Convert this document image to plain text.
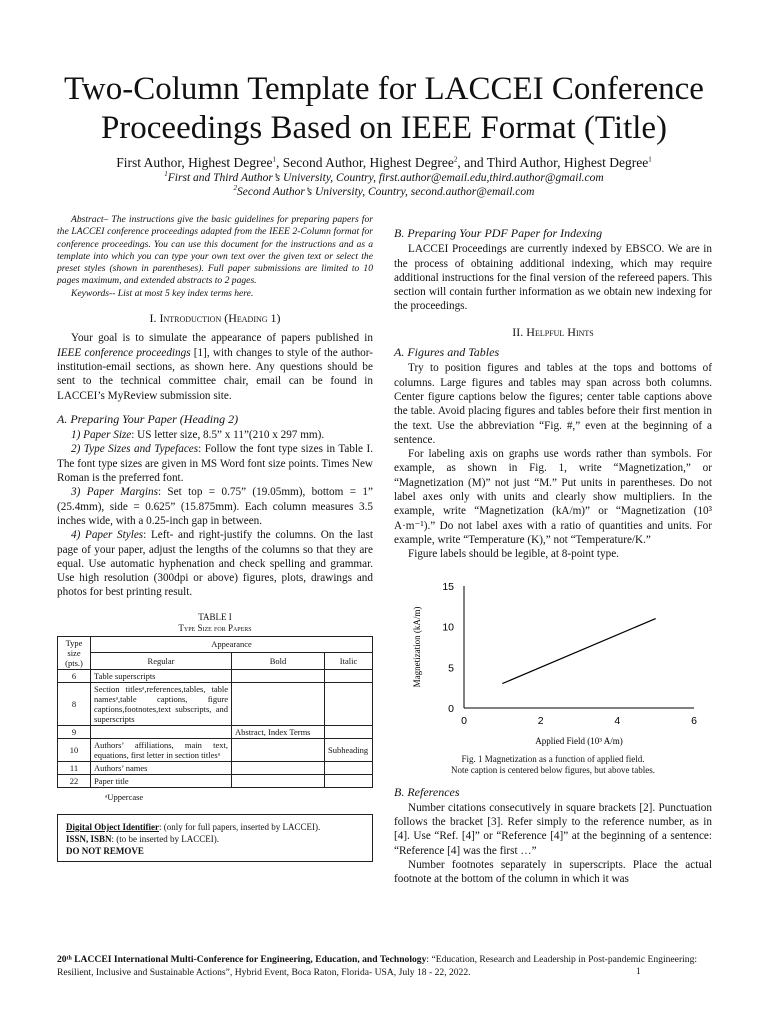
Two-Column Template for LACCEI Conference
Proceedings Based on IEEE Format (Title)
First Author, Highest Degree$^1$, Second Author, Highest Degree$^2$, and Third Author, Highest Degree$^1$
$^1$First and Third Author’s University, Country, first.author@email.edu,third.author@gmail.com
$^2$Second Author’s University, Country, second.author@email.com

Abstract– The instructions give the basic guidelines for preparing papers for the LACCEI conference proceedings adapted from the IEEE 2-Column format for conference proceedings. You can use this document for the instructions and as a template into which you can type your own text over the given text or select the preset styles (shown in parentheses). Full paper submissions are limited to 10 pages maximum, and extended abstracts to 2 pages.

Keywords-- List at most 5 key index terms here.

I. Introduction (Heading 1)

Your goal is to simulate the appearance of papers published in IEEE conference proceedings [1], with changes to style of the author-institution-email sections, as shown here. Any questions should be sent to the technical committee chair, email can be found in LACCEI’s MyReview submission site.

A. Preparing Your Paper (Heading 2)

1) Paper Size: US letter size, 8.5” x 11”(210 x 297 mm).

2) Type Sizes and Typefaces: Follow the font type sizes in Table I. The font type sizes are given in MS Word font size points. Times New Roman is the preferred font.

3) Paper Margins: Set top = 0.75” (19.05mm), bottom = 1” (25.4mm), side = 0.625” (15.875mm). Each column measures 3.5 inches wide, with a 0.25-inch gap in between.

4) Paper Styles: Left- and right-justify the columns. On the last page of your paper, adjust the lengths of the columns so that they are equal. Use automatic hyphenation and check spelling and grammar. Use high resolution (300dpi or above) figures, plots, drawings and photos for best printing result.

TABLE I
Type Size for Papers
Type size (pts.)	Appearance		
	Regular	Bold	Italic
6	Table superscripts		
8	Section titlesᵃ,references,tables, table namesᵃ,table captions, figure captions,footnotes,text subscripts, and superscripts		
9		Abstract, Index Terms	
10	Authors’ affiliations, main text, equations, first letter in section titlesᵃ		Subheading
11	Authors’ names		
22	Paper title		
ᵃUppercase
Digital Object Identifier: (only for full papers, inserted by LACCEI).
ISSN, ISBN: (to be inserted by LACCEI).
DO NOT REMOVE
B. Preparing Your PDF Paper for Indexing

LACCEI Proceedings are currently indexed by EBSCO. We are in the process of obtaining additional indexing, which may require additional instructions for the final version of the refereed papers. This section will contain further information as we obtain new indexing for the proceedings.

II. Helpful Hints
A. Figures and Tables

Try to position figures and tables at the tops and bottoms of columns. Large figures and tables may span across both columns. Center figure captions below the figures; center table captions above the table. Avoid placing figures and tables before their first mention in the text. Use the abbreviation “Fig. #,” even at the beginning of a sentence.

For labeling axis on graphs use words rather than symbols. For example, as shown in Fig. 1, write “Magnetization,” or “Magnetization (M)” not just “M.” Put units in parentheses. Do not label axes only with units and clearly show multipliers. In the example, write “Magnetization (kA/m)” or “Magnetization (10³ A·m⁻¹).” Do not label axes with a ratio of quantities and units. For example, write “Temperature (K),” not “Temperature/K.”

Figure labels should be legible, at 8-point type.

0	2	4	6
0
5
10
15
Applied Field (10³ A/m)
Magnetization (kA/m)
Fig. 1 Magnetization as a function of applied field.
Note caption is centered below figures, but above tables.
B. References

Number citations consecutively in square brackets [2]. Punctuation follows the bracket [3]. Refer simply to the reference number, as in [4]. Use “Ref. [4]” or “Reference [4]” at the beginning of a sentence: “Reference [4] was the first …”

Number footnotes separately in superscripts. Place the actual footnote at the bottom of the column in which it was

20ᵗʰ LACCEI International Multi-Conference for Engineering, Education, and Technology: “Education, Research and Leadership in Post-pandemic Engineering: Resilient, Inclusive and Sustainable Actions”, Hybrid Event, Boca Raton, Florida- USA, July 18 - 22, 2022.	1
